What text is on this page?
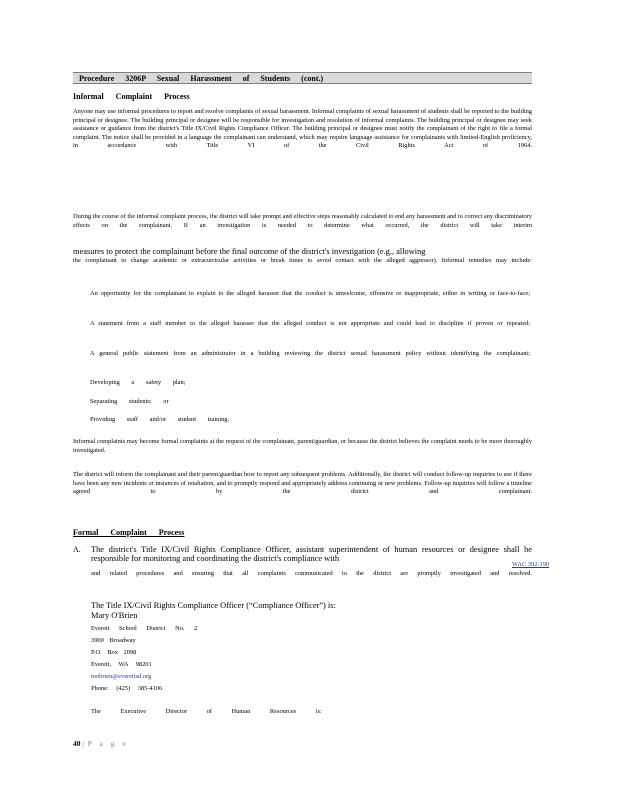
Procedure 3206P Sexual Harassment of Students (cont.)
Informal Complaint Process
Anyone may use informal procedures to report and resolve complaints of sexual harassment. Informal complaints of sexual harassment of students shall be reported to the building principal or designee. The building principal or designee will be responsible for investigation and resolution of informal complaints. The building principal or designee may seek assistance or guidance from the district's Title IX/Civil Rights Compliance Officer. The building principal or designee must notify the complainant of the right to file a formal complaint. The notice shall be provided in a language the complainant can understand, which may require language assistance for complainants with limited-English proficiency, in accordance with Title VI of the Civil Rights Act of 1964.
During the course of the informal complaint process, the district will take prompt and effective steps reasonably calculated to end any harassment and to correct any discriminatory effects on the complainant. If an investigation is needed to determine what occurred, the district will take interim
measures to protect the complainant before the final outcome of the district's investigation (e.g., allowing
the complainant to change academic or extracurricular activities or break times to avoid contact with the alleged aggressor). Informal remedies may include:
An opportunity for the complainant to explain to the alleged harasser that the conduct is unwelcome, offensive or inappropriate, either in writing or face-to-face;
A statement from a staff member to the alleged harasser that the alleged conduct is not appropriate and could lead to discipline if proven or repeated;
A general public statement from an administrator in a building reviewing the district sexual harassment policy without identifying the complainant;
Developing a safety plan;
Separating students; or
Providing staff and/or student training.
Informal complaints may become formal complaints at the request of the complainant, parent/guardian, or because the district believes the complaint needs to be more thoroughly investigated.
The district will inform the complainant and their parent/guardian how to report any subsequent problems. Additionally, the district will conduct follow-up inquiries to see if there have been any new incidents or instances of retaliation, and to promptly respond and appropriately address continuing or new problems. Follow-up inquiries will follow a timeline agreed to by the district and complainant.
Formal Complaint Process
A. The district's Title IX/Civil Rights Compliance Officer, assistant superintendent of human resources or designee shall be responsible for monitoring and coordinating the district's compliance with
WAC 392-190
and related procedures and ensuring that all complaints communicated to the district are promptly investigated and resolved.
The Title IX/Civil Rights Compliance Officer (“Compliance Officer”) is:
Mary O'Brien
Everett School District No. 2
3900 Broadway
P.O. Box 2098
Everett, WA 98201
mobrien@everettsd.org
Phone: (425) 385-4106
The Executive Director of Human Resources is:
40 | P a g e
